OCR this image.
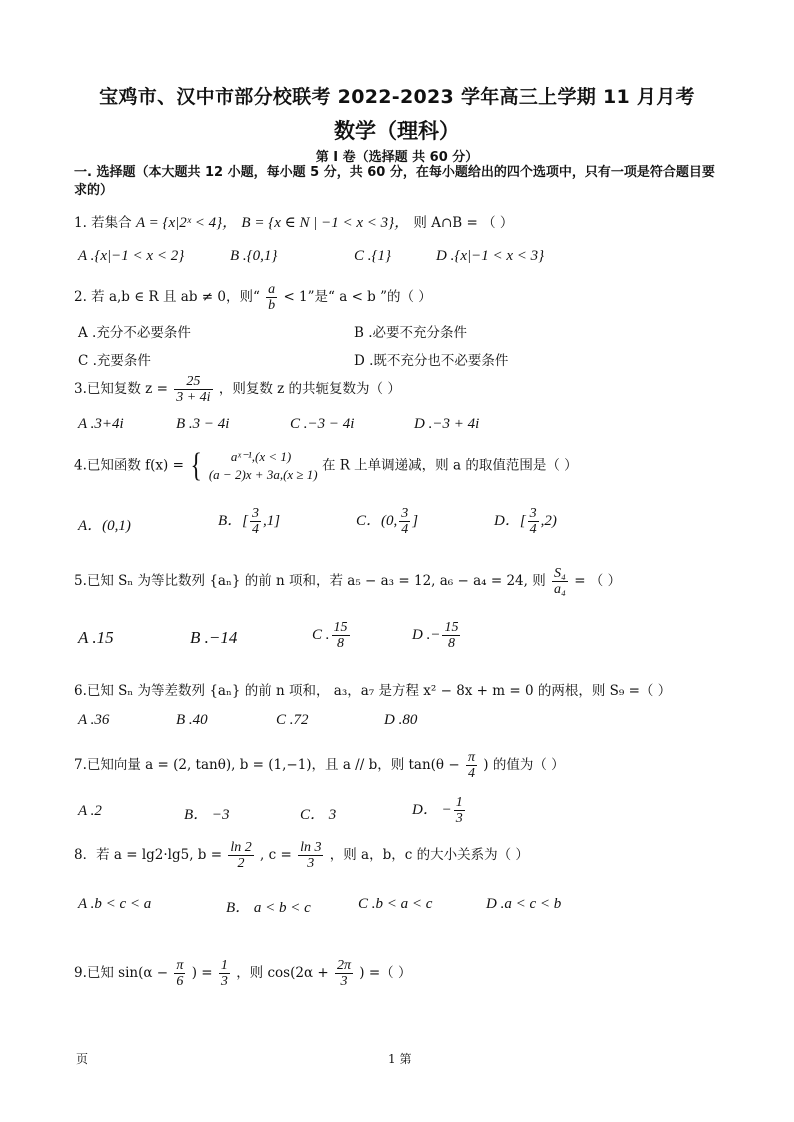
宝鸡市、汉中市部分校联考 2022-2023 学年高三上学期 11 月月考
数学（理科）
第 I 卷（选择题 共 60 分）
一. 选择题（本大题共 12 小题，每小题 5 分，共 60 分，在每小题给出的四个选项中，只有一项是符合题目要求的）
1. 若集合 A = {x|2ˣ < 4}， B = {x ∈ N | −1 < x < 3}， 则 A∩B = （ ）
A .{x|−1 < x < 2}	B .{0,1}	C .{1}	D .{x|−1 < x < 3}
2. 若 a,b ∈ R 且 ab ≠ 0，则“ $\frac{a}{b} < 1$”是“ a < b ”的（ ）
A .充分不必要条件	B .必要不充分条件
C .充要条件	D .既不充分也不必要条件
3.已知复数 $z = \frac{25}{3 + 4i}$ ，则复数 z 的共轭复数为（ ）
A .3+4i	B .3 − 4i	C .−3 − 4i	D .−3 + 4i
4.已知函数 f(x) = {	aˣ⁻¹,(x < 1)
(a − 2)x + 3a,(x ≥ 1)
在 R 上单调递减，则 a 的取值范围是（ ）
A．(0,1)	B．[ $\frac{3}{4} ,1$]	C．(0, $\frac{3}{4}$ ]	D．[ $\frac{3}{4} ,2$)
5.已知 Sₙ 为等比数列 {aₙ} 的前 n 项和，若 a₅ − a₃ = 12, a₆ − a₄ = 24, 则 $\frac{\text{S₄}}{\text{a₄}}$ = （ ）
A .15	B .−14	C . $\frac{15}{8}$	D .− $\frac{15}{8}$
6.已知 Sₙ 为等差数列 {aₙ} 的前 n 项和， a₃，a₇ 是方程 x² − 8x + m = 0 的两根，则 S₉ =（ ）
A .36	B .40	C .72	D .80
7.已知向量 a = (2, tanθ), b = (1,−1)，且 a // b，则 $\tan(\theta - \frac{\pi}{4}$ ) 的值为（ ）
A .2	B． −3	C． 3	D． − $\frac{1}{3}$
8．若 a = lg2·lg5, $b = \frac{\ln 2}{2}$ , $c = \frac{\ln 3}{3}$ ，则 a，b，c 的大小关系为（ ）
A .b < c < a	B． a < b < c	C .b < a < c	D .a < c < b
9.已知 $\sin(\alpha - \frac{\pi}{6}$ ) = $\frac{1}{3}$ ，则 $\cos(2\alpha + \frac{2\pi}{3}$ ) =（ ）
页	1 第
